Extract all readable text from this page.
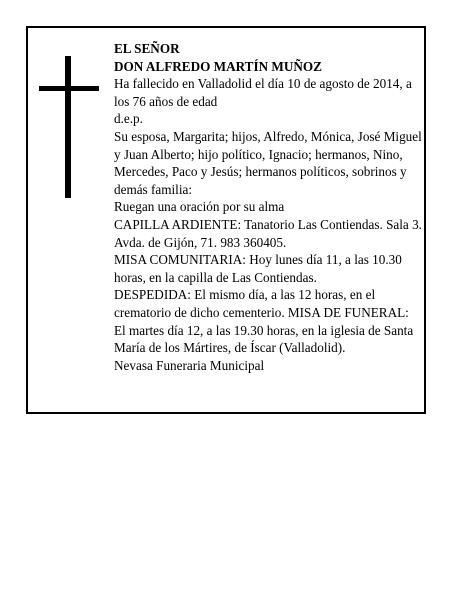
EL SEÑOR

DON ALFREDO MARTÍN MUÑOZ

Ha fallecido en Valladolid el día 10 de agosto de 2014, a los 76 años de edad

d.e.p.

Su esposa, Margarita; hijos, Alfredo, Mónica, José Miguel y Juan Alberto; hijo político, Ignacio; hermanos, Nino, Mercedes, Paco y Jesús; hermanos políticos, sobrinos y demás familia:

Ruegan una oración por su alma

CAPILLA ARDIENTE: Tanatorio Las Contiendas. Sala 3. Avda. de Gijón, 71. 983 360405.

MISA COMUNITARIA: Hoy lunes día 11, a las 10.30 horas, en la capilla de Las Contiendas.

DESPEDIDA: El mismo día, a las 12 horas, en el crematorio de dicho cementerio. MISA DE FUNERAL: El martes día 12, a las 19.30 horas, en la iglesia de Santa María de los Mártires, de Íscar (Valladolid).

Nevasa Funeraria Municipal
